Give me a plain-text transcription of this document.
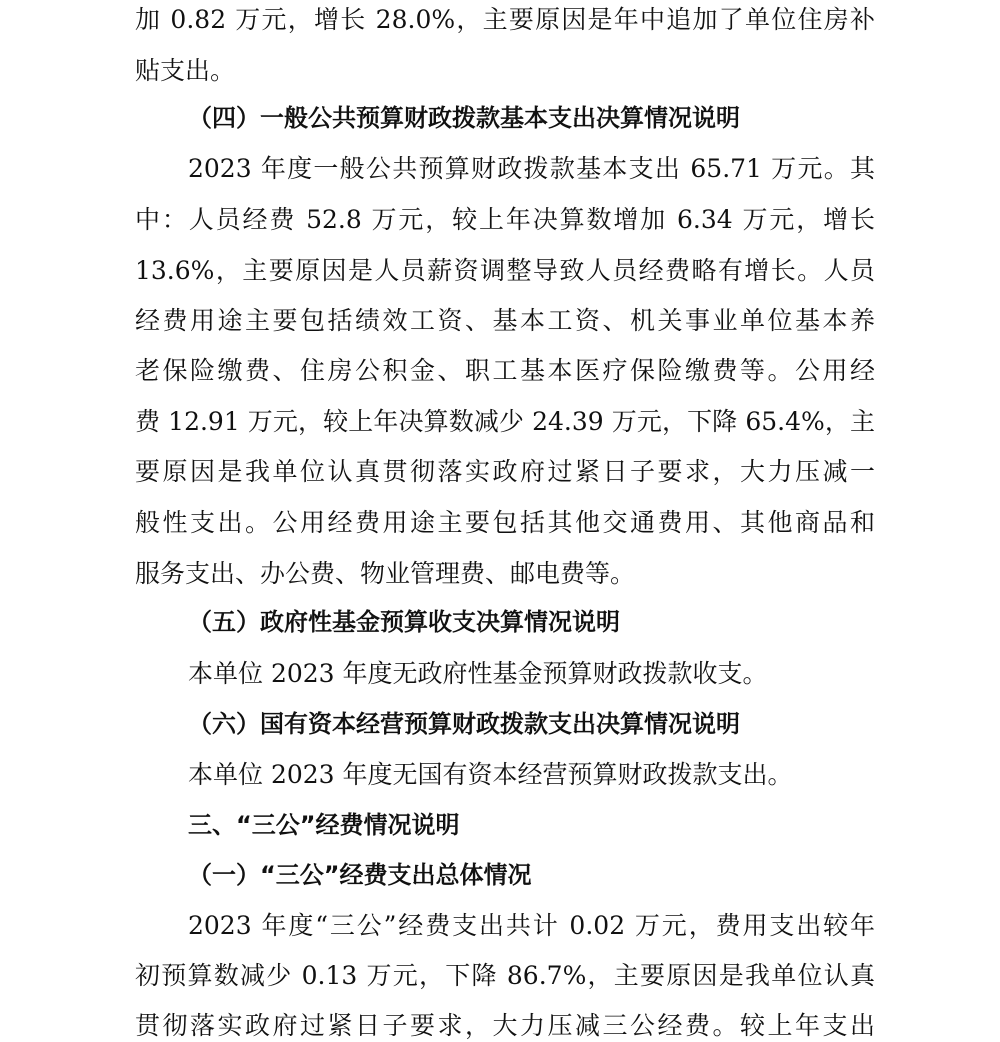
加 0.82 万元，增长 28.0%，主要原因是年中追加了单位住房补
贴支出。
（四）一般公共预算财政拨款基本支出决算情况说明
2023 年度一般公共预算财政拨款基本支出 65.71 万元。其
中：人员经费 52.8 万元，较上年决算数增加 6.34 万元，增长
13.6%，主要原因是人员薪资调整导致人员经费略有增长。人员
经费用途主要包括绩效工资、基本工资、机关事业单位基本养
老保险缴费、住房公积金、职工基本医疗保险缴费等。公用经
费 12.91 万元，较上年决算数减少 24.39 万元，下降 65.4%，主
要原因是我单位认真贯彻落实政府过紧日子要求，大力压减一
般性支出。公用经费用途主要包括其他交通费用、其他商品和
服务支出、办公费、物业管理费、邮电费等。
（五）政府性基金预算收支决算情况说明
本单位 2023 年度无政府性基金预算财政拨款收支。
（六）国有资本经营预算财政拨款支出决算情况说明
本单位 2023 年度无国有资本经营预算财政拨款支出。
三、“三公”经费情况说明
（一）“三公”经费支出总体情况
2023 年度“三公”经费支出共计 0.02 万元，费用支出较年
初预算数减少 0.13 万元，下降 86.7%，主要原因是我单位认真
贯彻落实政府过紧日子要求，大力压减三公经费。较上年支出
